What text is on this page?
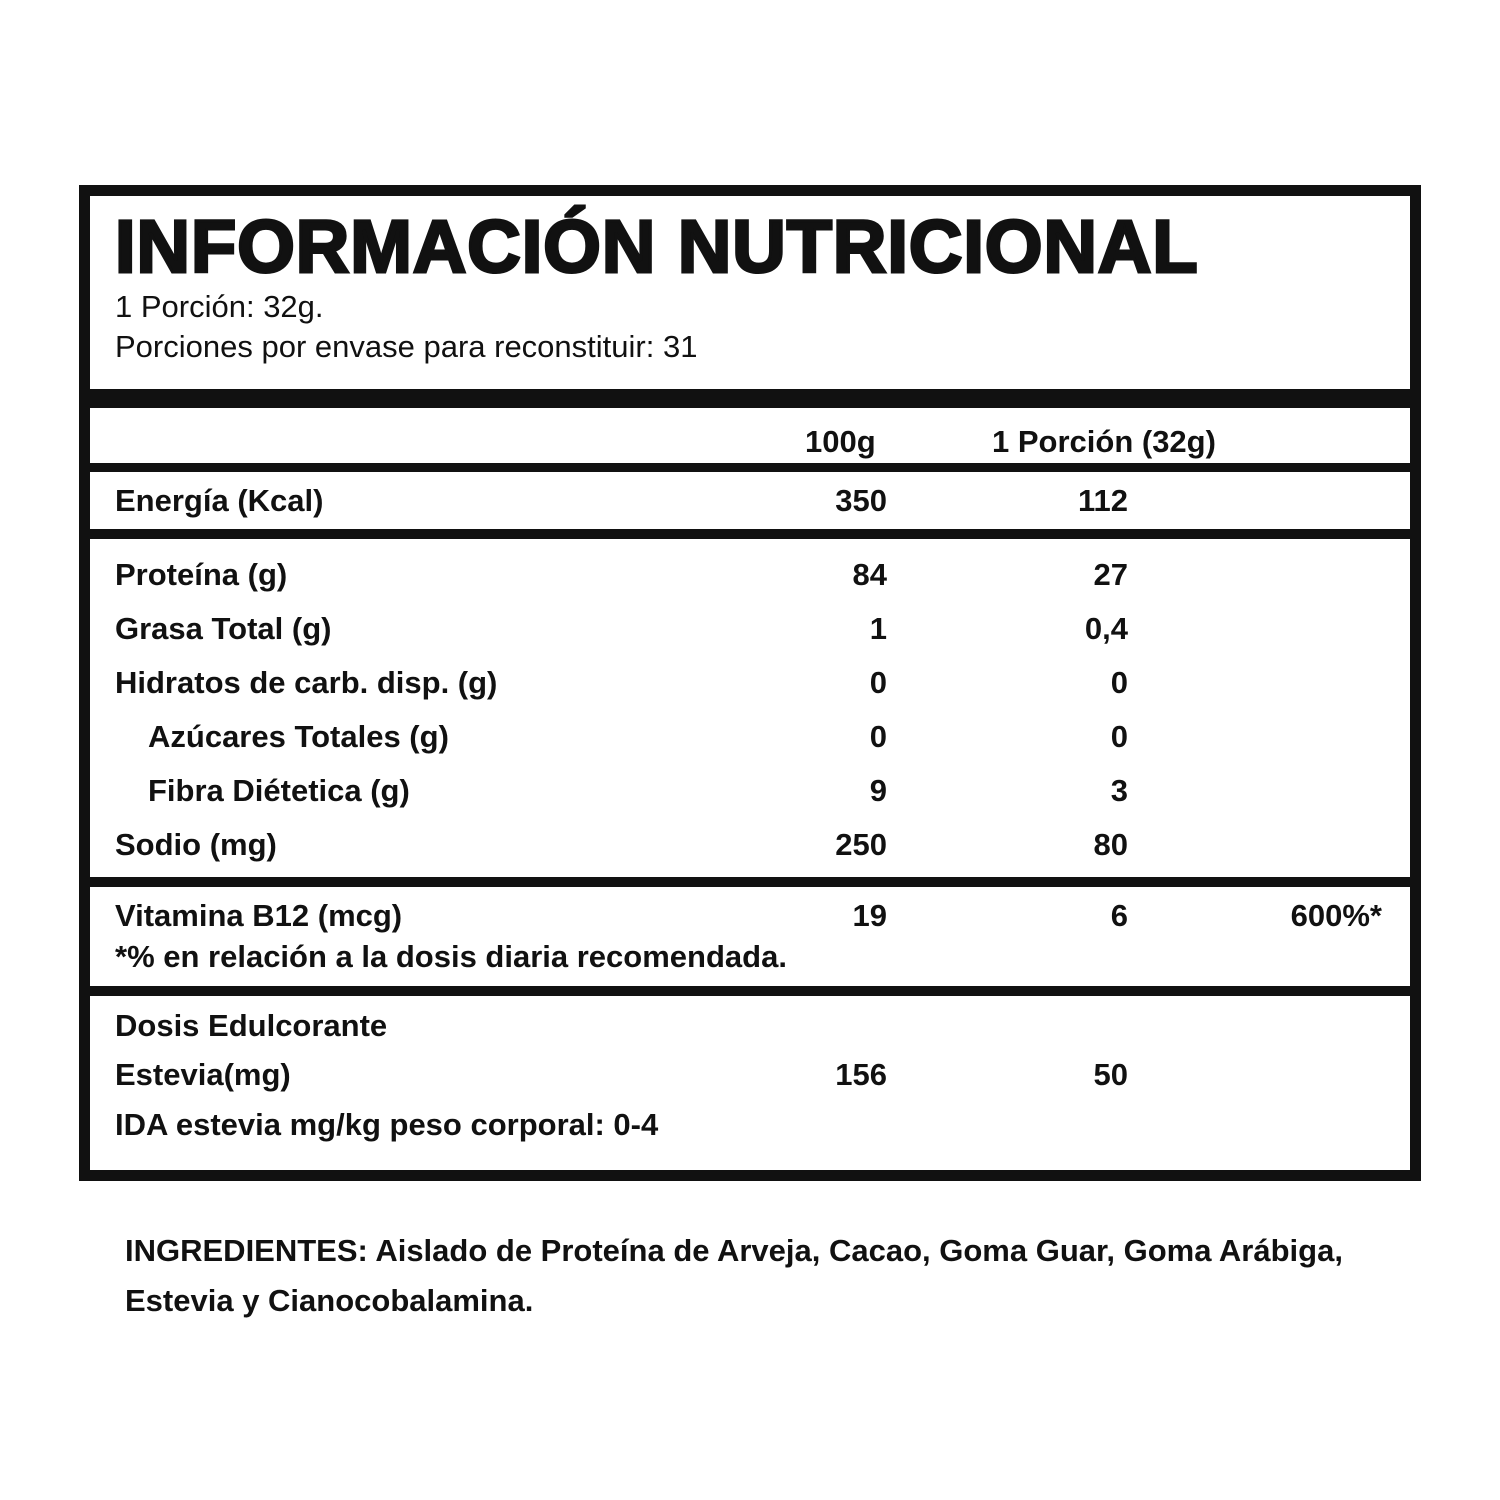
INFORMACIÓN NUTRICIONAL
1 Porción: 32g.
Porciones por envase para reconstituir: 31
100g	1 Porción (32g)
Energía (Kcal)	350	112
Proteína (g)	84	27
Grasa Total (g)	1	0,4
Hidratos de carb. disp. (g)	0	0
Azúcares Totales (g)	0	0
Fibra Diétetica (g)	9	3
Sodio (mg)	250	80
Vitamina B12 (mcg)	19	6	600%*
*% en relación a la dosis diaria recomendada.
Dosis Edulcorante
Estevia(mg)	156	50
IDA estevia mg/kg peso corporal: 0-4
INGREDIENTES: Aislado de Proteína de Arveja, Cacao, Goma Guar, Goma Arábiga, Estevia y Cianocobalamina.
